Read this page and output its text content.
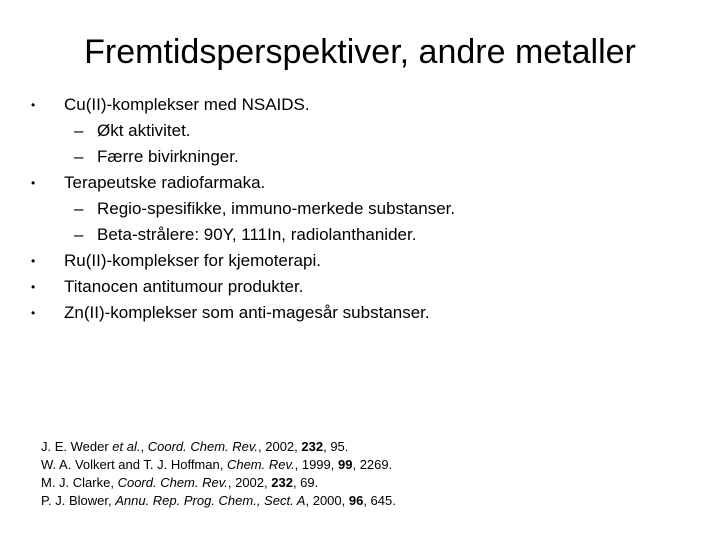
Fremtidsperspektiver, andre metaller
• Cu(II)-komplekser med NSAIDS.
– Økt aktivitet.
– Færre bivirkninger.
• Terapeutske radiofarmaka.
– Regio-spesifikke, immuno-merkede substanser.
– Beta-strålere: 90Y, 111In, radiolanthanider.
• Ru(II)-komplekser for kjemoterapi.
• Titanocen antitumour produkter.
• Zn(II)-komplekser som anti-magesår substanser.
J. E. Weder et al., Coord. Chem. Rev., 2002, 232, 95.
W. A. Volkert and T. J. Hoffman, Chem. Rev., 1999, 99, 2269.
M. J. Clarke, Coord. Chem. Rev., 2002, 232, 69.
P. J. Blower, Annu. Rep. Prog. Chem., Sect. A, 2000, 96, 645.
